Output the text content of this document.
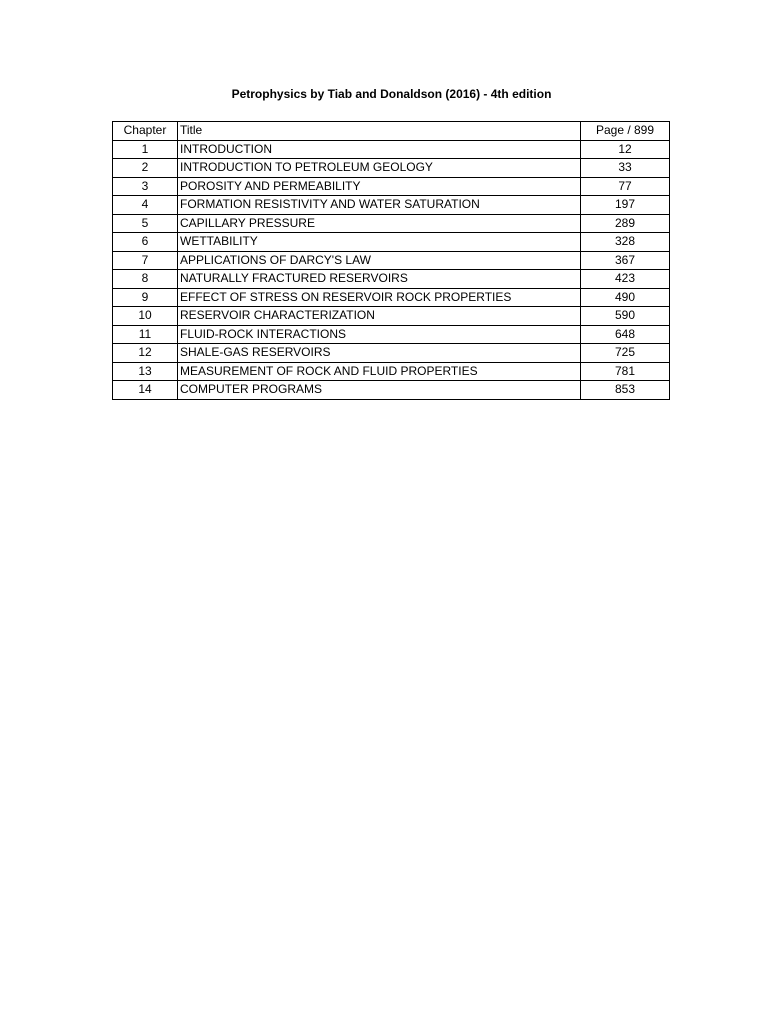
Petrophysics by Tiab and Donaldson (2016) - 4th edition
Chapter	Title	Page / 899
1	INTRODUCTION	12
2	INTRODUCTION TO PETROLEUM GEOLOGY	33
3	POROSITY AND PERMEABILITY	77
4	FORMATION RESISTIVITY AND WATER SATURATION	197
5	CAPILLARY PRESSURE	289
6	WETTABILITY	328
7	APPLICATIONS OF DARCY'S LAW	367
8	NATURALLY FRACTURED RESERVOIRS	423
9	EFFECT OF STRESS ON RESERVOIR ROCK PROPERTIES	490
10	RESERVOIR CHARACTERIZATION	590
11	FLUID-ROCK INTERACTIONS	648
12	SHALE-GAS RESERVOIRS	725
13	MEASUREMENT OF ROCK AND FLUID PROPERTIES	781
14	COMPUTER PROGRAMS	853
